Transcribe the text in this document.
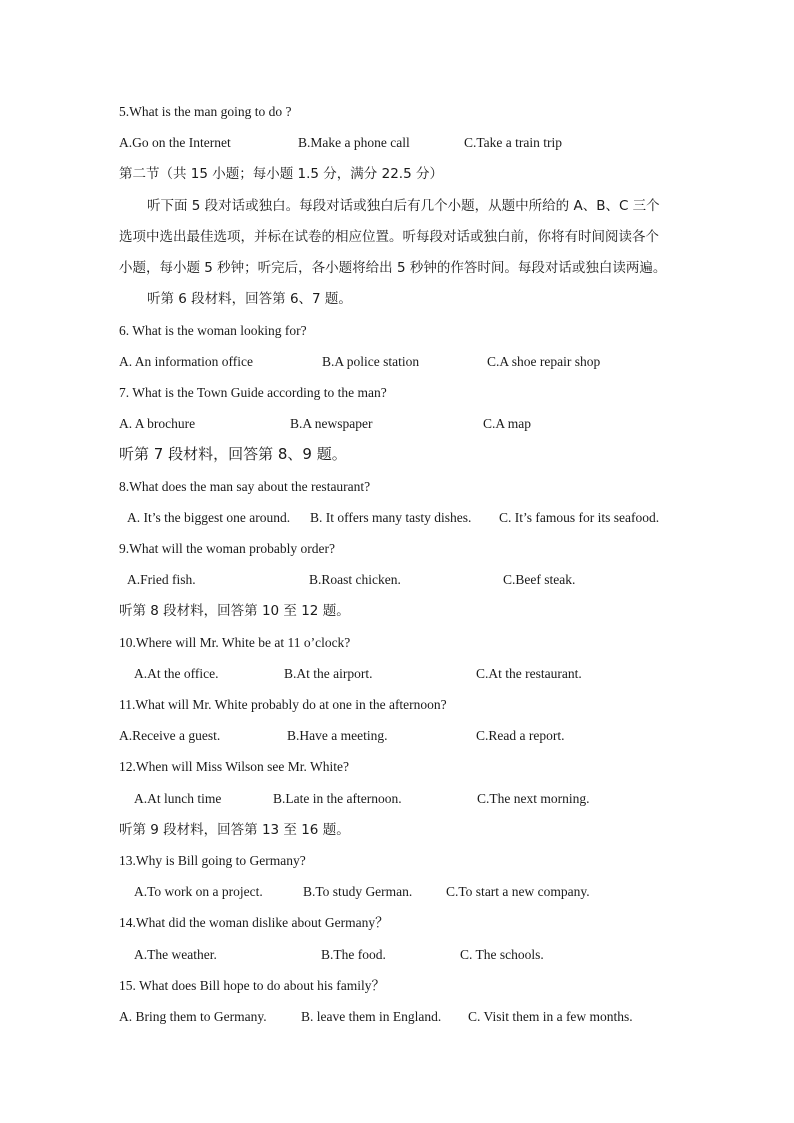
5.What is the man going to do ?
A.Go on the Internet	B.Make a phone call	C.Take a train trip
第二节（共 15 小题；每小题 1.5 分，满分 22.5 分）
听下面 5 段对话或独白。每段对话或独白后有几个小题，从题中所给的 A、B、C 三个
选项中选出最佳选项，并标在试卷的相应位置。听每段对话或独白前，你将有时间阅读各个
小题，每小题 5 秒钟；听完后，各小题将给出 5 秒钟的作答时间。每段对话或独白读两遍。
听第 6 段材料，回答第 6、7 题。
6. What is the woman looking for?
A. An information office	B.A police station	C.A shoe repair shop
7. What is the Town Guide according to the man?
A. A brochure	B.A newspaper	C.A map
听第 7 段材料，回答第 8、9 题。
8.What does the man say about the restaurant?
A. It’s the biggest one around. B. It offers many tasty dishes. C. It’s famous for its seafood.
9.What will the woman probably order?
A.Fried fish.	B.Roast chicken.	C.Beef steak.
听第 8 段材料，回答第 10 至 12 题。
10.Where will Mr. White be at 11 o’clock?
A.At the office.	B.At the airport.	C.At the restaurant.
11.What will Mr. White probably do at one in the afternoon?
A.Receive a guest.	B.Have a meeting.	C.Read a report.
12.When will Miss Wilson see Mr. White?
A.At lunch time	B.Late in the afternoon.	C.The next morning.
听第 9 段材料，回答第 13 至 16 题。
13.Why is Bill going to Germany?
A.To work on a project.	B.To study German. C.To start a new company.
14.What did the woman dislike about Germany？
A.The weather.	B.The food.	C. The schools.
15. What does Bill hope to do about his family？
A. Bring them to Germany.	B. leave them in England. C. Visit them in a few months.
